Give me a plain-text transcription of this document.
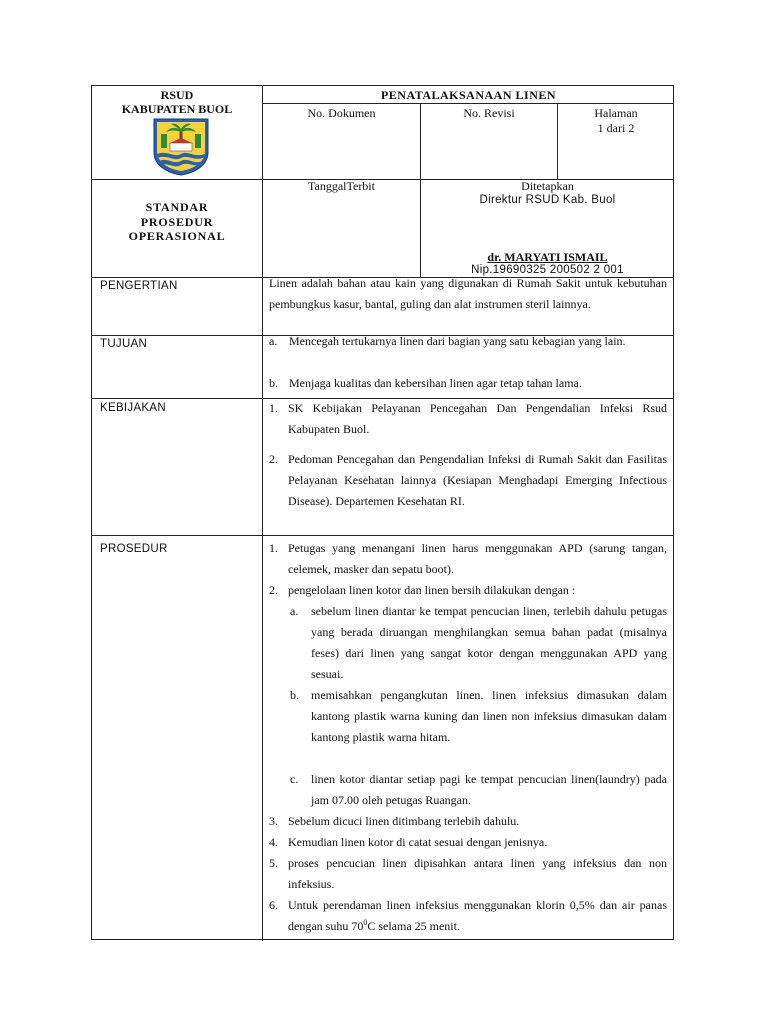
RSUD
KABUPATEN BUOL
PENATALAKSANAAN LINEN
No. Dokumen	No. Revisi	Halaman
1 dari 2
STANDAR
PROSEDUR
OPERASIONAL
TanggalTerbit	Ditetapkan
Direktur RSUD Kab. Buol
dr. MARYATI ISMAIL
Nip.19690325 200502 2 001
PENGERTIAN	Linen adalah bahan atau kain yang digunakan di Rumah Sakit untuk kebutuhan pembungkus kasur, bantal, guling dan alat instrumen steril lainnya.
TUJUAN	a. Mencegah tertukarnya linen dari bagian yang satu kebagian yang lain.
b. Menjaga kualitas dan kebersihan linen agar tetap tahan lama.
KEBIJAKAN	1. SK Kebijakan Pelayanan Pencegahan Dan Pengendalian Infeksi Rsud Kabupaten Buol.
2. Pedoman Pencegahan dan Pengendalian Infeksi di Rumah Sakit dan Fasilitas Pelayanan Kesehatan lainnya (Kesiapan Menghadapi Emerging Infectious Disease). Departemen Kesehatan RI.
PROSEDUR	1. Petugas yang menangani linen harus menggunakan APD (sarung tangan, celemek, masker dan sepatu boot).
2. pengelolaan linen kotor dan linen bersih dilakukan dengan :
a. sebelum linen diantar ke tempat pencucian linen, terlebih dahulu petugas yang berada diruangan menghilangkan semua bahan padat (misalnya feses) dari linen yang sangat kotor dengan menggunakan APD yang sesuai.
b. memisahkan pengangkutan linen. linen infeksius dimasukan dalam kantong plastik warna kuning dan linen non infeksius dimasukan dalam kantong plastik warna hitam.
c. linen kotor diantar setiap pagi ke tempat pencucian linen(laundry) pada jam 07.00 oleh petugas Ruangan.
3. Sebelum dicuci linen ditimbang terlebih dahulu.
4. Kemudian linen kotor di catat sesuai dengan jenisnya.
5. proses pencucian linen dipisahkan antara linen yang infeksius dan non infeksius.
6. Untuk perendaman linen infeksius menggunakan klorin 0,5% dan air panas dengan suhu $70^0C$ selama 25 menit.
